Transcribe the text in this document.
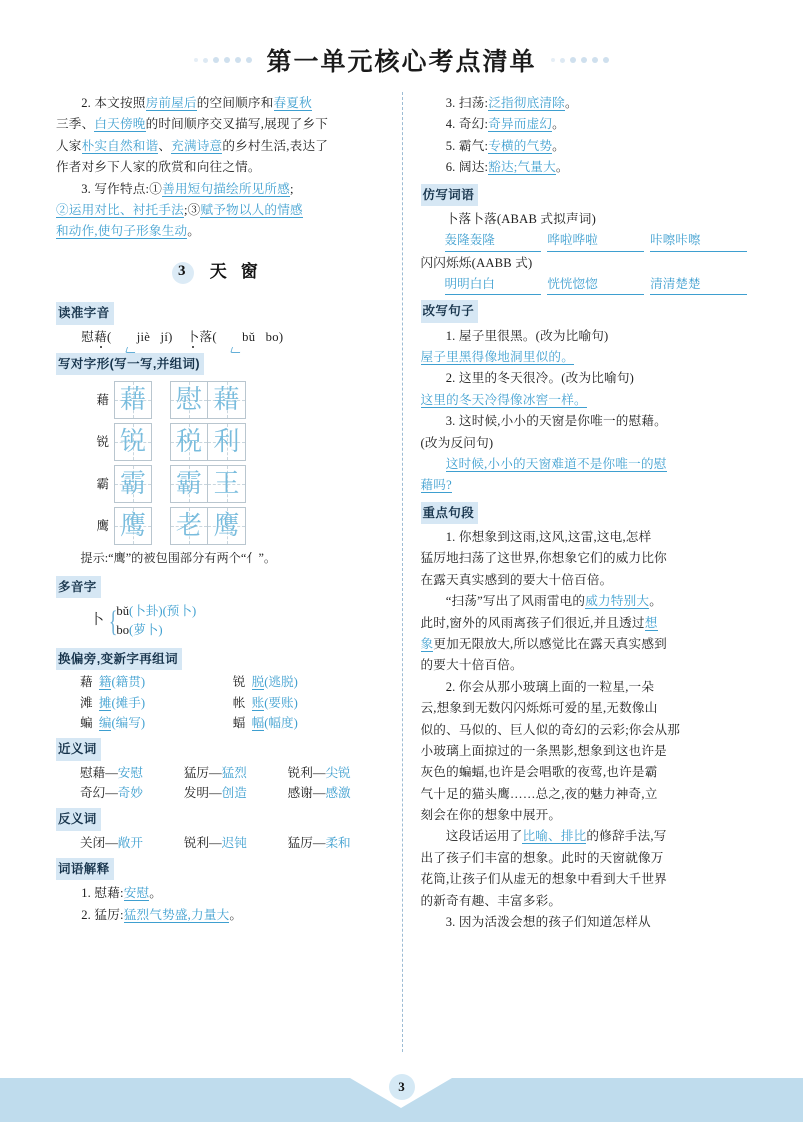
第一单元核心考点清单
2. 本文按照房前屋后的空间顺序和春夏秋
三季、白天傍晚的时间顺序交叉描写,展现了乡下
人家朴实自然和谐、充满诗意的乡村生活,表达了
作者对乡下人家的欣赏和向往之情。
3. 写作特点:①善用短句描绘所见所感;
②运用对比、衬托手法;③赋予物以人的情感
和动作,使句子形象生动。
3	天窗
读准字音
慰藉( jiè   jí) 卜落( bǔ   bo)
写对字形(写一写,并组词)
藉 藉 慰 藉
锐 锐 税 利
霸 霸 霸 王
鹰 鹰 老 鹰
提示:“鹰”的被包围部分有两个“亻”。
多音字
卜 {
bǔ(卜卦)(预卜)
bo(萝卜)
换偏旁,变新字再组词
藉 籍(籍贯)	锐 脱(逃脱)
滩 摊(摊手)	帐 账(要账)
蝙 编(编写)	蝠 幅(幅度)
近义词
慰藉—安慰	猛厉—猛烈	锐利—尖锐
奇幻—奇妙	发明—创造	感谢—感激
反义词
关闭—敞开	锐利—迟钝	猛厉—柔和
词语解释
1. 慰藉:安慰。
2. 猛厉:猛烈气势盛,力量大。
3. 扫荡:泛指彻底清除。
4. 奇幻:奇异而虚幻。
5. 霸气:专横的气势。
6. 阔达:豁达;气量大。
仿写词语
卜落卜落(ABAB 式拟声词)
轰隆轰隆	哗啦哗啦	咔嚓咔嚓
闪闪烁烁(AABB 式)
明明白白	恍恍惚惚	清清楚楚
改写句子
1. 屋子里很黑。(改为比喻句)
屋子里黑得像地洞里似的。
2. 这里的冬天很冷。(改为比喻句)
这里的冬天冷得像冰窖一样。
3. 这时候,小小的天窗是你唯一的慰藉。
(改为反问句)
这时候,小小的天窗难道不是你唯一的慰
藉吗?
重点句段
1. 你想象到这雨,这风,这雷,这电,怎样
猛厉地扫荡了这世界,你想象它们的威力比你
在露天真实感到的要大十倍百倍。
“扫荡”写出了风雨雷电的威力特别大。
此时,窗外的风雨离孩子们很近,并且透过想
象更加无限放大,所以感觉比在露天真实感到
的要大十倍百倍。
2. 你会从那小玻璃上面的一粒星,一朵
云,想象到无数闪闪烁烁可爱的星,无数像山
似的、马似的、巨人似的奇幻的云彩;你会从那
小玻璃上面掠过的一条黑影,想象到这也许是
灰色的蝙蝠,也许是会唱歌的夜莺,也许是霸
气十足的猫头鹰……总之,夜的魅力神奇,立
刻会在你的想象中展开。
这段话运用了比喻、排比的修辞手法,写
出了孩子们丰富的想象。此时的天窗就像万
花筒,让孩子们从虚无的想象中看到大千世界
的新奇有趣、丰富多彩。
3. 因为活泼会想的孩子们知道怎样从
3
